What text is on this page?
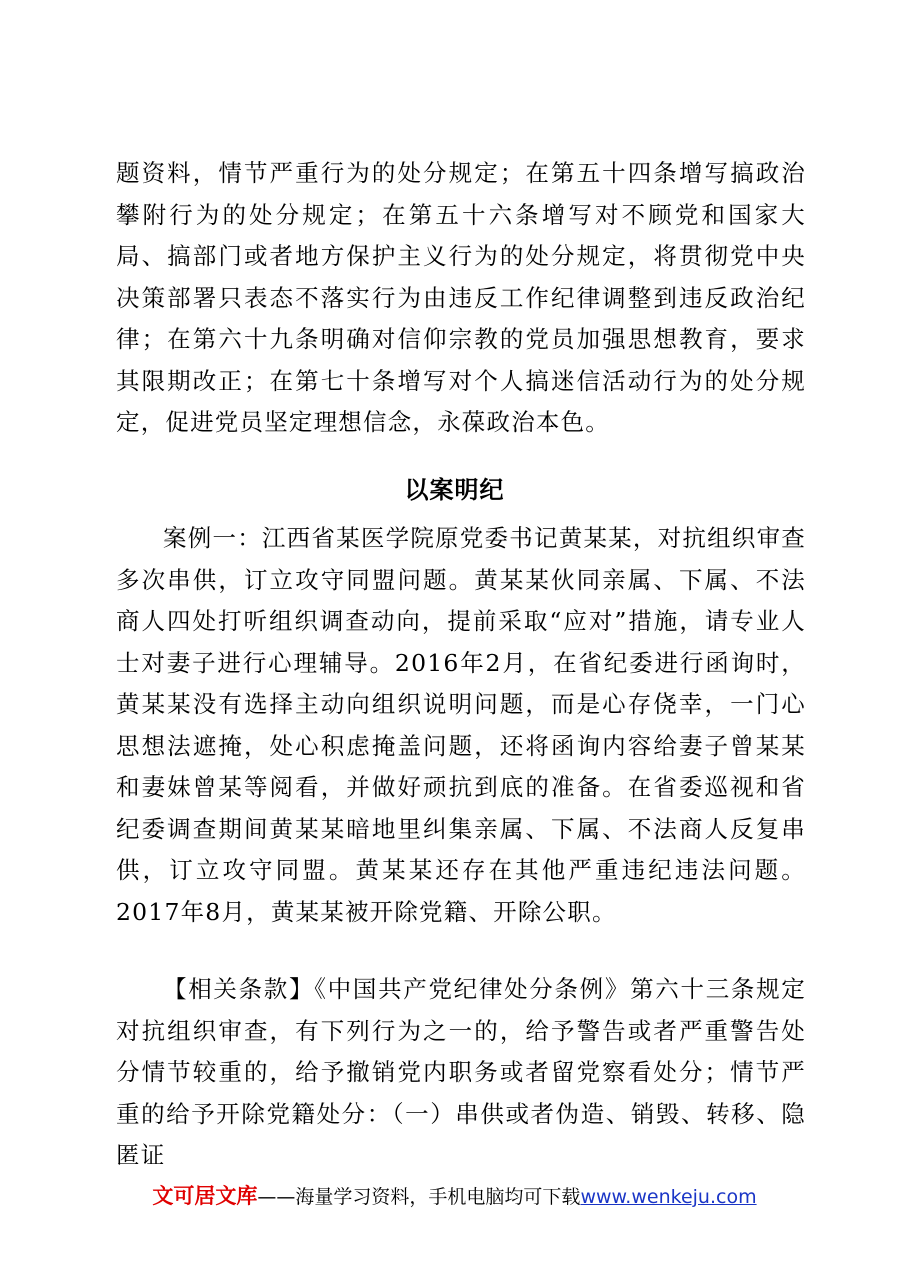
题资料，情节严重行为的处分规定；在第五十四条增写搞政治攀附行为的处分规定；在第五十六条增写对不顾党和国家大局、搞部门或者地方保护主义行为的处分规定，将贯彻党中央决策部署只表态不落实行为由违反工作纪律调整到违反政治纪律；在第六十九条明确对信仰宗教的党员加强思想教育，要求其限期改正；在第七十条增写对个人搞迷信活动行为的处分规定，促进党员坚定理想信念，永葆政治本色。
以案明纪
案例一：江西省某医学院原党委书记黄某某，对抗组织审查多次串供，订立攻守同盟问题。黄某某伙同亲属、下属、不法商人四处打听组织调查动向，提前采取“应对”措施，请专业人士对妻子进行心理辅导。2016年2月，在省纪委进行函询时，黄某某没有选择主动向组织说明问题，而是心存侥幸，一门心思想法遮掩，处心积虑掩盖问题，还将函询内容给妻子曾某某和妻妹曾某等阅看，并做好顽抗到底的准备。在省委巡视和省纪委调查期间黄某某暗地里纠集亲属、下属、不法商人反复串供，订立攻守同盟。黄某某还存在其他严重违纪违法问题。2017年8月，黄某某被开除党籍、开除公职。
【相关条款】《中国共产党纪律处分条例》第六十三条规定对抗组织审查，有下列行为之一的，给予警告或者严重警告处分情节较重的，给予撤销党内职务或者留党察看处分；情节严重的给予开除党籍处分：（一）串供或者伪造、销毁、转移、隐匿证
文可居文库——海量学习资料，手机电脑均可下载www.wenkeju.com
